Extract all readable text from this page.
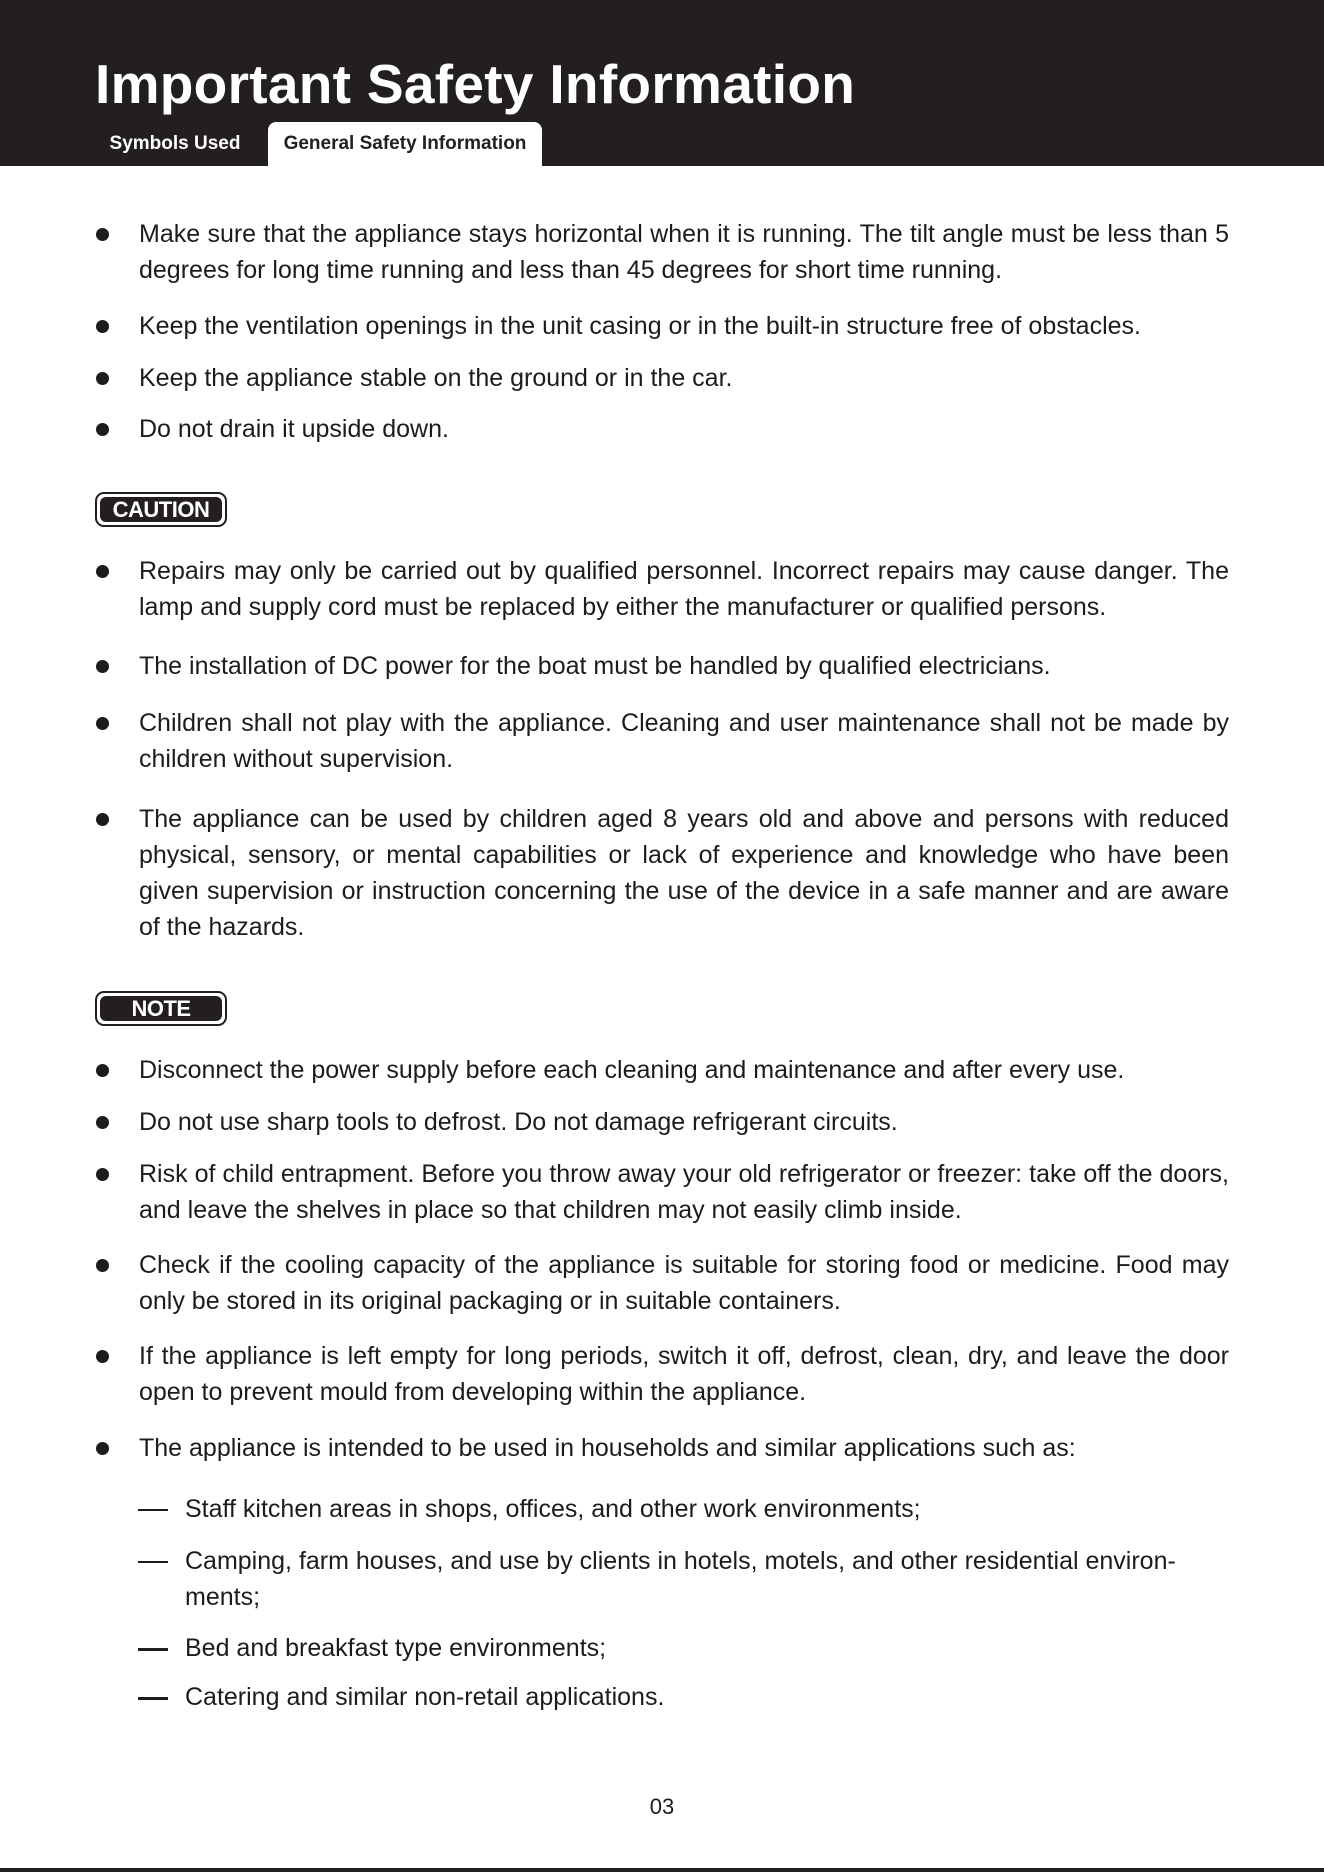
Important Safety Information
Symbols Used	General Safety Information

Make sure that the appliance stays horizontal when it is running. The tilt angle must be less than 5 degrees for long time running and less than 45 degrees for short time running.

Keep the ventilation openings in the unit casing or in the built-in structure free of obstacles.

Keep the appliance stable on the ground or in the car.

Do not drain it upside down.

CAUTION

Repairs may only be carried out by qualified personnel. Incorrect repairs may cause danger. The lamp and supply cord must be replaced by either the manufacturer or qualified persons.

The installation of DC power for the boat must be handled by qualified electricians.

Children shall not play with the appliance. Cleaning and user maintenance shall not be made by children without supervision.

The appliance can be used by children aged 8 years old and above and persons with reduced physical, sensory, or mental capabilities or lack of experience and knowledge who have been given supervision or instruction concerning the use of the device in a safe manner and are aware of the hazards.

NOTE

Disconnect the power supply before each cleaning and maintenance and after every use.

Do not use sharp tools to defrost. Do not damage refrigerant circuits.

Risk of child entrapment. Before you throw away your old refrigerator or freezer: take off the doors, and leave the shelves in place so that children may not easily climb inside.

Check if the cooling capacity of the appliance is suitable for storing food or medicine. Food may only be stored in its original packaging or in suitable containers.

If the appliance is left empty for long periods, switch it off, defrost, clean, dry, and leave the door open to prevent mould from developing within the appliance.

The appliance is intended to be used in households and similar applications such as:

Staff kitchen areas in shops, offices, and other work environments;

Camping, farm houses, and use by clients in hotels, motels, and other residential environ-ments;

Bed and breakfast type environments;

Catering and similar non-retail applications.

03
